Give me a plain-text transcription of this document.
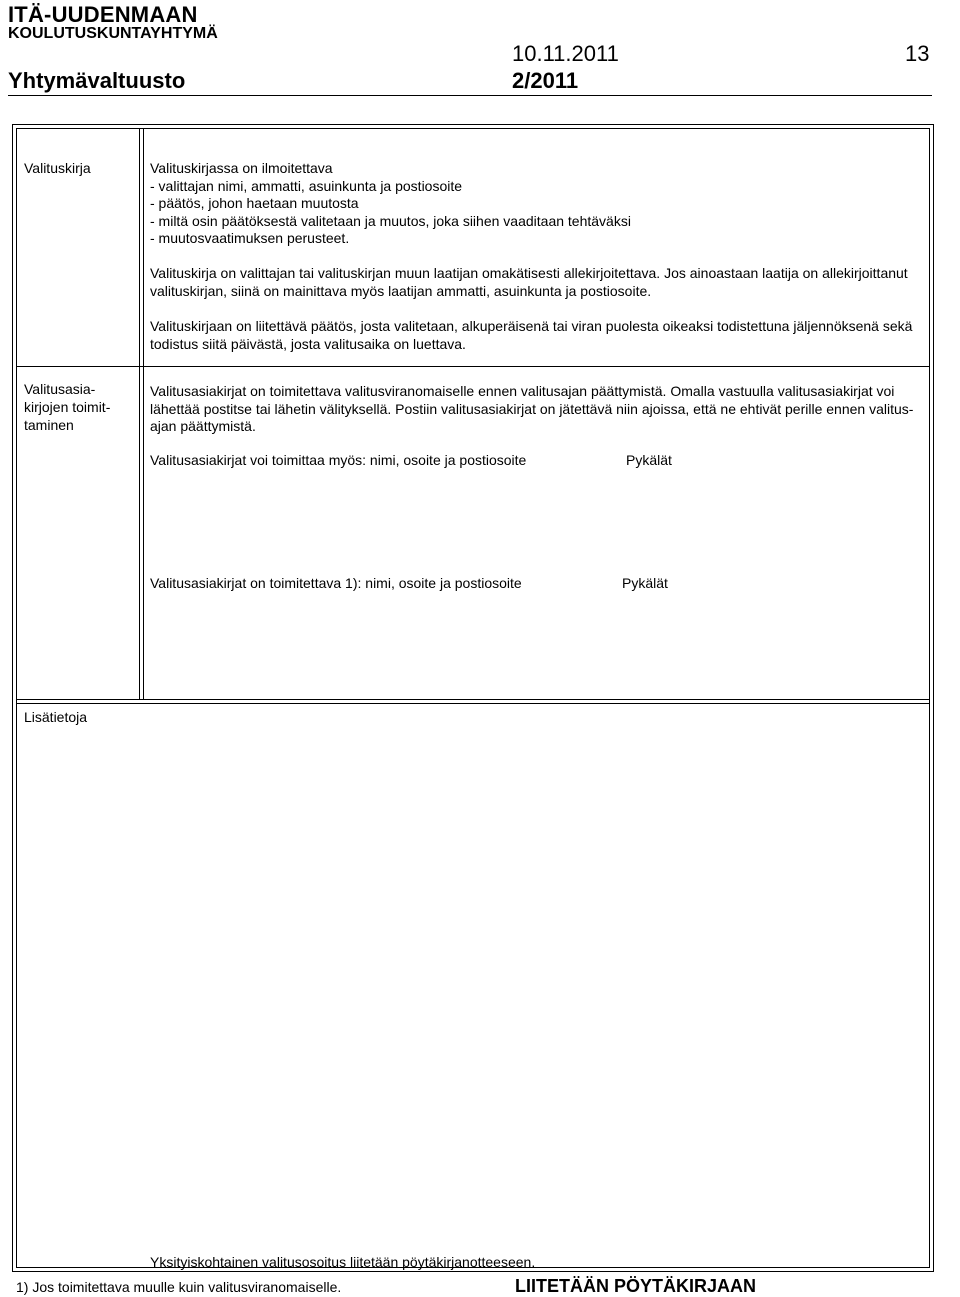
ITÄ-UUDENMAAN
KOULUTUSKUNTAYHTYMÄ
10.11.2011	13
Yhtymävaltuusto	2/2011
Valituskirja	Valituskirjassa on ilmoitettava
- valittajan nimi, ammatti, asuinkunta ja postiosoite
- päätös, johon haetaan muutosta
- miltä osin päätöksestä valitetaan ja muutos, joka siihen vaaditaan tehtäväksi
- muutosvaatimuksen perusteet.
Valituskirja on valittajan tai valituskirjan muun laatijan omakätisesti allekirjoitettava. Jos ainoastaan laatija on allekirjoittanut
valituskirjan, siinä on mainittava myös laatijan ammatti, asuinkunta ja postiosoite.
Valituskirjaan on liitettävä päätös, josta valitetaan, alkuperäisenä tai viran puolesta oikeaksi todistettuna jäljennöksenä sekä
todistus siitä päivästä, josta valitusaika on luettava.
Valitusasia-
kirjojen toimit-
taminen
Valitusasiakirjat on toimitettava valitusviranomaiselle ennen valitusajan päättymistä. Omalla vastuulla valitusasiakirjat voi
lähettää postitse tai lähetin välityksellä. Postiin valitusasiakirjat on jätettävä niin ajoissa, että ne ehtivät perille ennen valitus-
ajan päättymistä.
Valitusasiakirjat voi toimittaa myös: nimi, osoite ja postiosoite	Pykälät
Valitusasiakirjat on toimitettava 1): nimi, osoite ja postiosoite	Pykälät
Lisätietoja
Yksityiskohtainen valitusosoitus liitetään pöytäkirjanotteeseen.
1) Jos toimitettava muulle kuin valitusviranomaiselle.	LIITETÄÄN PÖYTÄKIRJAAN
